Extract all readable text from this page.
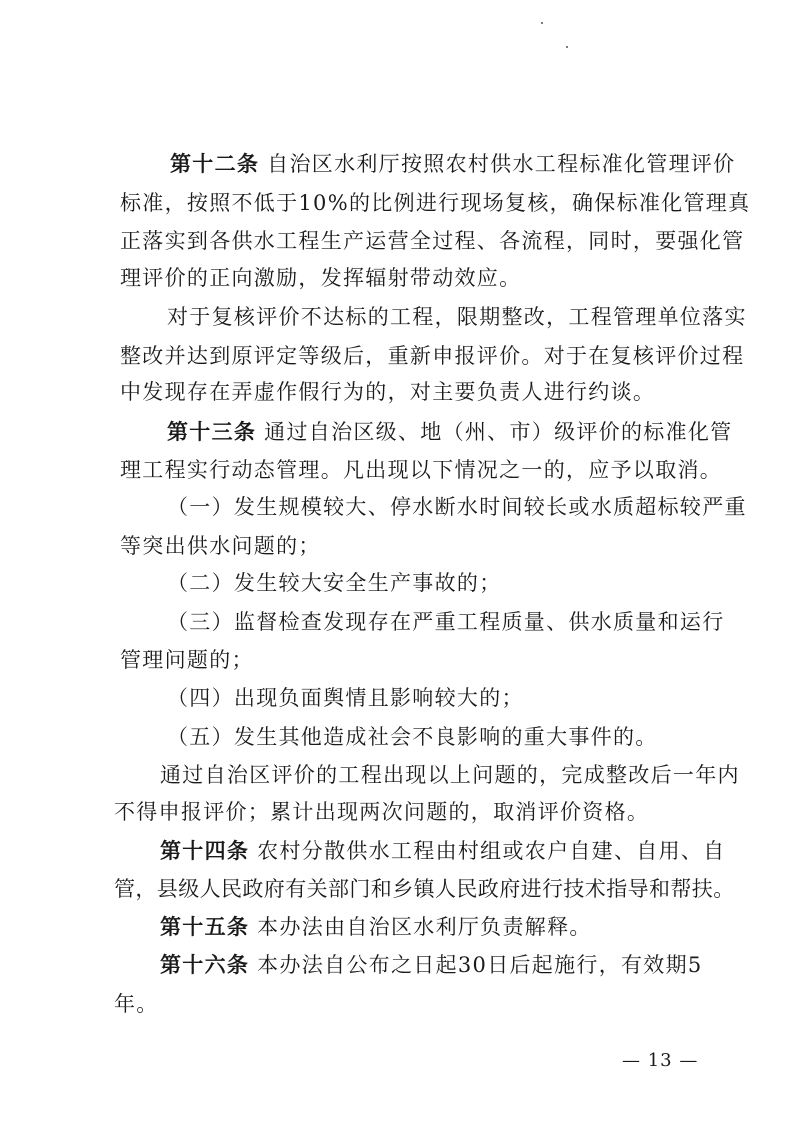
第十二条 自治区水利厅按照农村供水工程标准化管理评价
标准，按照不低于10%的比例进行现场复核，确保标准化管理真
正落实到各供水工程生产运营全过程、各流程，同时，要强化管
理评价的正向激励，发挥辐射带动效应。
对于复核评价不达标的工程，限期整改，工程管理单位落实
整改并达到原评定等级后，重新申报评价。对于在复核评价过程
中发现存在弄虚作假行为的，对主要负责人进行约谈。
第十三条 通过自治区级、地（州、市）级评价的标准化管
理工程实行动态管理。凡出现以下情况之一的，应予以取消。
（一）发生规模较大、停水断水时间较长或水质超标较严重
等突出供水问题的；
（二）发生较大安全生产事故的；
（三）监督检查发现存在严重工程质量、供水质量和运行
管理问题的；
（四）出现负面舆情且影响较大的；
（五）发生其他造成社会不良影响的重大事件的。
通过自治区评价的工程出现以上问题的，完成整改后一年内
不得申报评价；累计出现两次问题的，取消评价资格。
第十四条 农村分散供水工程由村组或农户自建、自用、自
管，县级人民政府有关部门和乡镇人民政府进行技术指导和帮扶。
第十五条 本办法由自治区水利厅负责解释。
第十六条 本办法自公布之日起30日后起施行，有效期5
年。
— 13 —
